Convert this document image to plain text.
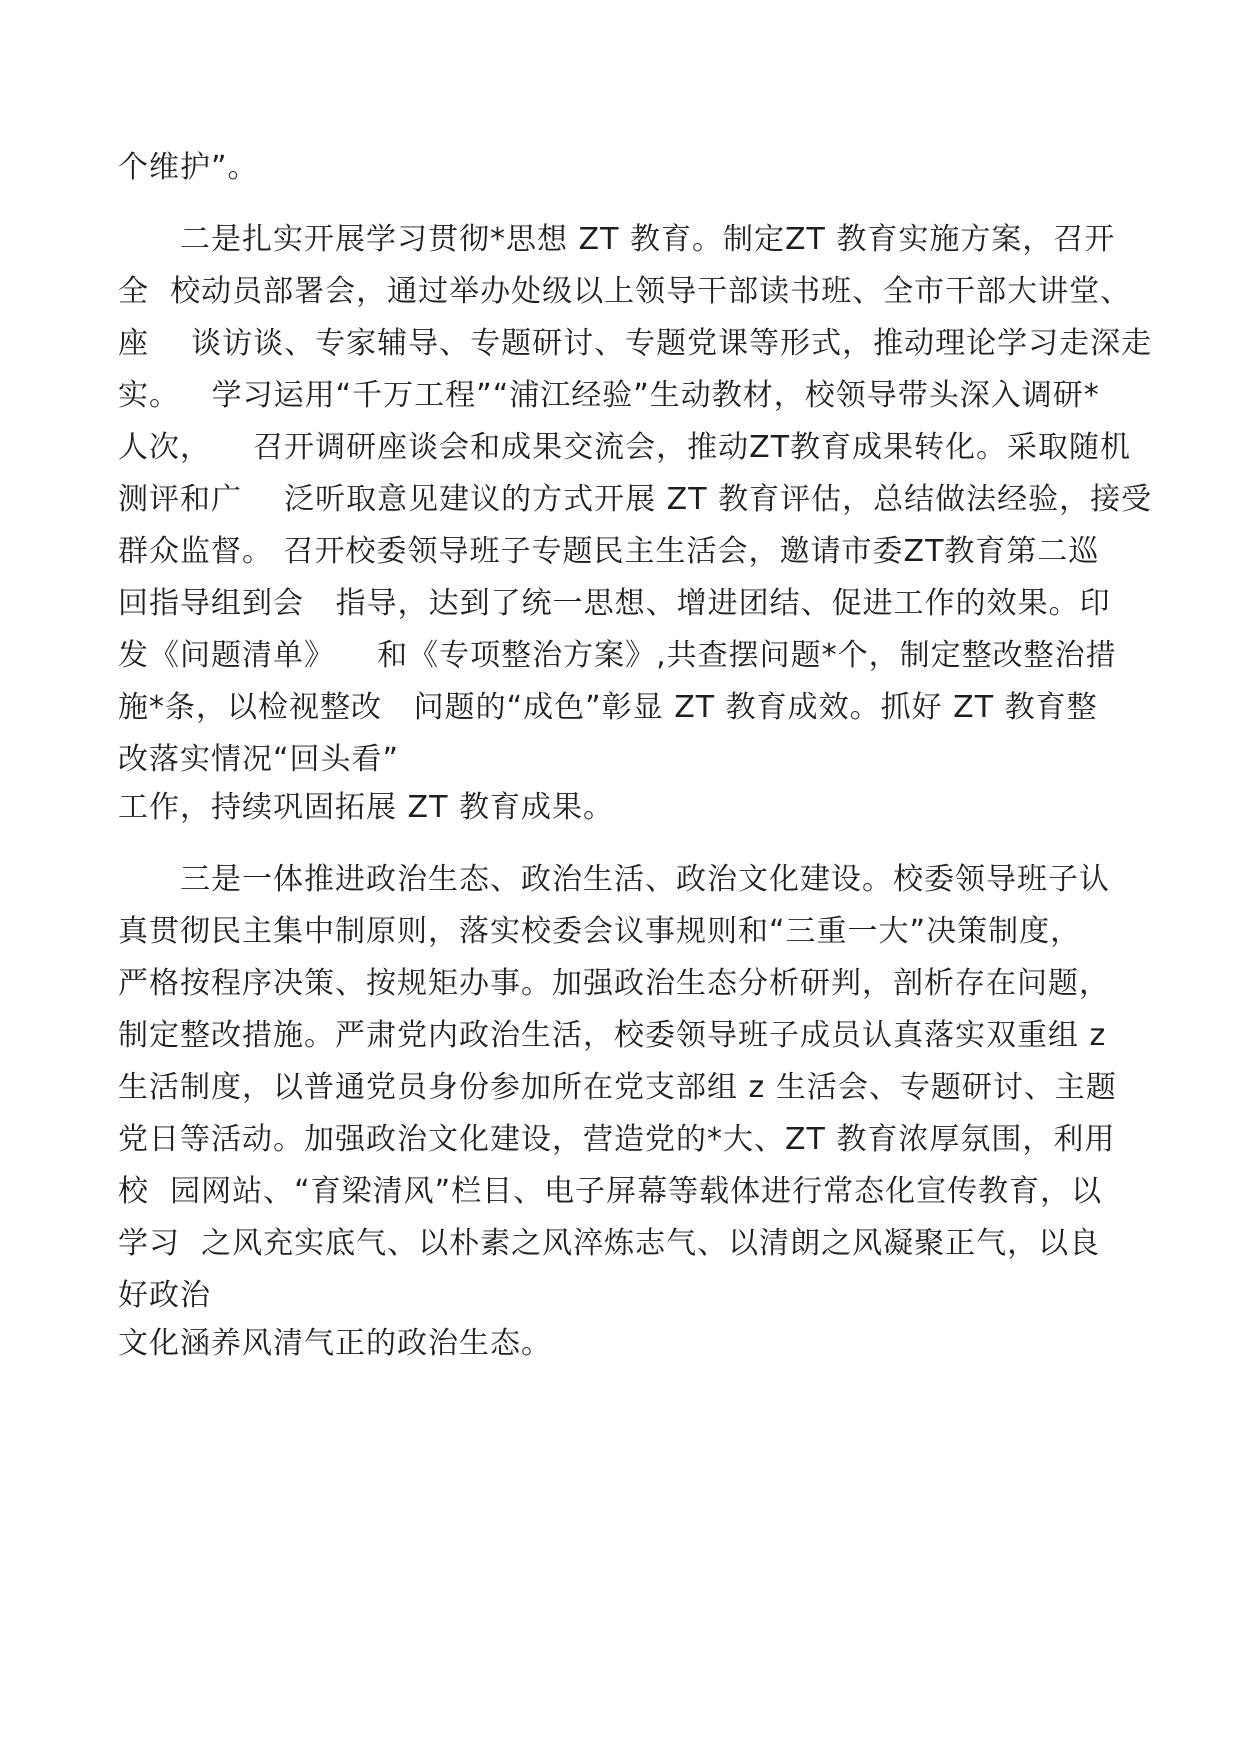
个维护”。
二是扎实开展学习贯彻*思想 ZT 教育。制定ZT 教育实施方案，召开
全  校动员部署会，通过举办处级以上领导干部读书班、全市干部大讲堂、
座    谈访谈、专家辅导、专题研讨、专题党课等形式，推动理论学习走深走
实。   学习运用“千万工程”“浦江经验”生动教材，校领导带头深入调研*
人次，    召开调研座谈会和成果交流会，推动ZT教育成果转化。采取随机
测评和广    泛听取意见建议的方式开展 ZT 教育评估，总结做法经验，接受
群众监督。 召开校委领导班子专题民主生活会，邀请市委ZT教育第二巡
回指导组到会   指导，达到了统一思想、增进团结、促进工作的效果。印
发《问题清单》    和《专项整治方案》,共查摆问题*个，制定整改整治措
施*条，以检视整改   问题的“成色”彰显 ZT 教育成效。抓好 ZT 教育整
改落实情况“回头看”
工作，持续巩固拓展 ZT 教育成果。
三是一体推进政治生态、政治生活、政治文化建设。校委领导班子认
真贯彻民主集中制原则，落实校委会议事规则和“三重一大”决策制度，
严格按程序决策、按规矩办事。加强政治生态分析研判，剖析存在问题，
制定整改措施。严肃党内政治生活，校委领导班子成员认真落实双重组 z
生活制度，以普通党员身份参加所在党支部组 z 生活会、专题研讨、主题
党日等活动。加强政治文化建设，营造党的*大、ZT 教育浓厚氛围，利用
校  园网站、“育梁清风”栏目、电子屏幕等载体进行常态化宣传教育，以
学习  之风充实底气、以朴素之风淬炼志气、以清朗之风凝聚正气，以良
好政治
文化涵养风清气正的政治生态。
